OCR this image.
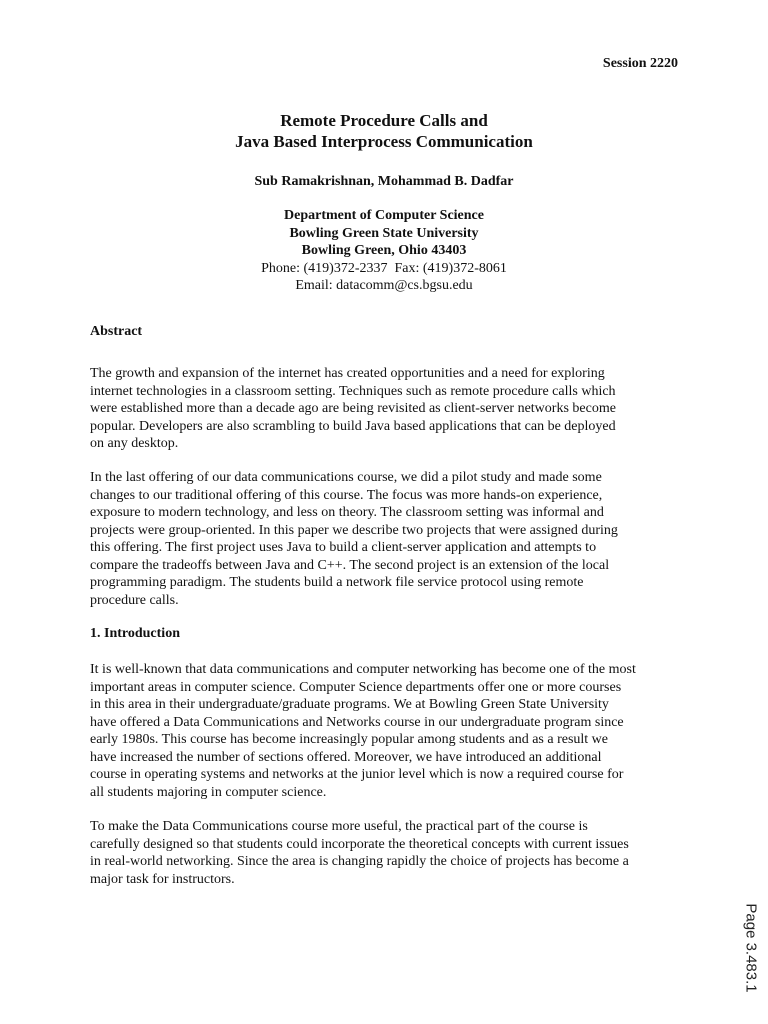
Session 2220
Remote Procedure Calls and
Java Based Interprocess Communication
Sub Ramakrishnan, Mohammad B. Dadfar
Department of Computer Science
Bowling Green State University
Bowling Green, Ohio 43403
Phone: (419)372-2337  Fax: (419)372-8061
Email: datacomm@cs.bgsu.edu
Abstract
The growth and expansion of the internet has created opportunities and a need for exploring
internet technologies in a classroom setting. Techniques such as remote procedure calls which
were established more than a decade ago are being revisited as client-server networks become
popular. Developers are also scrambling to build Java based applications that can be deployed
on any desktop.
In the last offering of our data communications course, we did a pilot study and made some
changes to our traditional offering of this course. The focus was more hands-on experience,
exposure to modern technology, and less on theory. The classroom setting was informal and
projects were group-oriented. In this paper we describe two projects that were assigned during
this offering. The first project uses Java to build a client-server application and attempts to
compare the tradeoffs between Java and C++. The second project is an extension of the local
programming paradigm. The students build a network file service protocol using remote
procedure calls.
1. Introduction
It is well-known that data communications and computer networking has become one of the most
important areas in computer science. Computer Science departments offer one or more courses
in this area in their undergraduate/graduate programs. We at Bowling Green State University
have offered a Data Communications and Networks course in our undergraduate program since
early 1980s. This course has become increasingly popular among students and as a result we
have increased the number of sections offered. Moreover, we have introduced an additional
course in operating systems and networks at the junior level which is now a required course for
all students majoring in computer science.
To make the Data Communications course more useful, the practical part of the course is
carefully designed so that students could incorporate the theoretical concepts with current issues
in real-world networking. Since the area is changing rapidly the choice of projects has become a
major task for instructors.
Page 3.483.1
